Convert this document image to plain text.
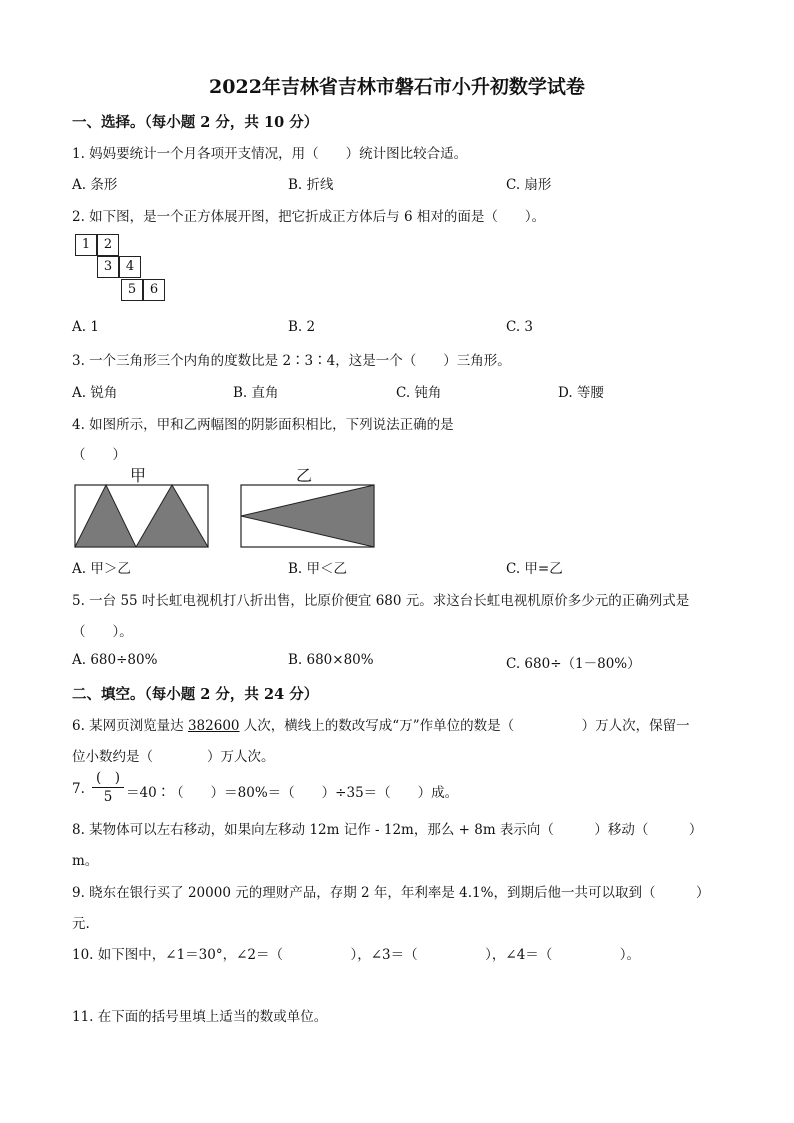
2022年吉林省吉林市磐石市小升初数学试卷
一、选择。（每小题 2 分，共 10 分）
1. 妈妈要统计一个月各项开支情况，用（　　）统计图比较合适。
A. 条形	B. 折线	C. 扇形
2. 如下图，是一个正方体展开图，把它折成正方体后与 6 相对的面是（　　）。
1	2
3	4
5	6
A. 1	B. 2	C. 3
3. 一个三角形三个内角的度数比是 2∶3∶4，这是一个（　　）三角形。
A. 锐角	B. 直角	C. 钝角	D. 等腰
4. 如图所示，甲和乙两幅图的阴影面积相比，下列说法正确的是
（　　）
甲	乙
A. 甲＞乙	B. 甲＜乙	C. 甲=乙
5. 一台 55 吋长虹电视机打八折出售，比原价便宜 680 元。求这台长虹电视机原价多少元的正确列式是
（　　）。
A. 680÷80%	B. 680×80%	C. 680÷（1－80%）
二、填空。（每小题 2 分，共 24 分）
6. 某网页浏览量达 382600 人次，横线上的数改写成“万”作单位的数是（　　　　　）万人次，保留一
位小数约是（　　　　）万人次。
7.
(　)
5	＝40∶（　　）＝80%＝（　　）÷35＝（　　）成。
8. 某物体可以左右移动，如果向左移动 12m 记作 - 12m，那么 + 8m 表示向（　　　）移动（　　　）
m。
9. 晓东在银行买了 20000 元的理财产品，存期 2 年，年利率是 4.1%，到期后他一共可以取到（　　　）
元.
10. 如下图中，∠1＝30°，∠2＝（　　　　　），∠3＝（　　　　　），∠4＝（　　　　　）。
11. 在下面的括号里填上适当的数或单位。
